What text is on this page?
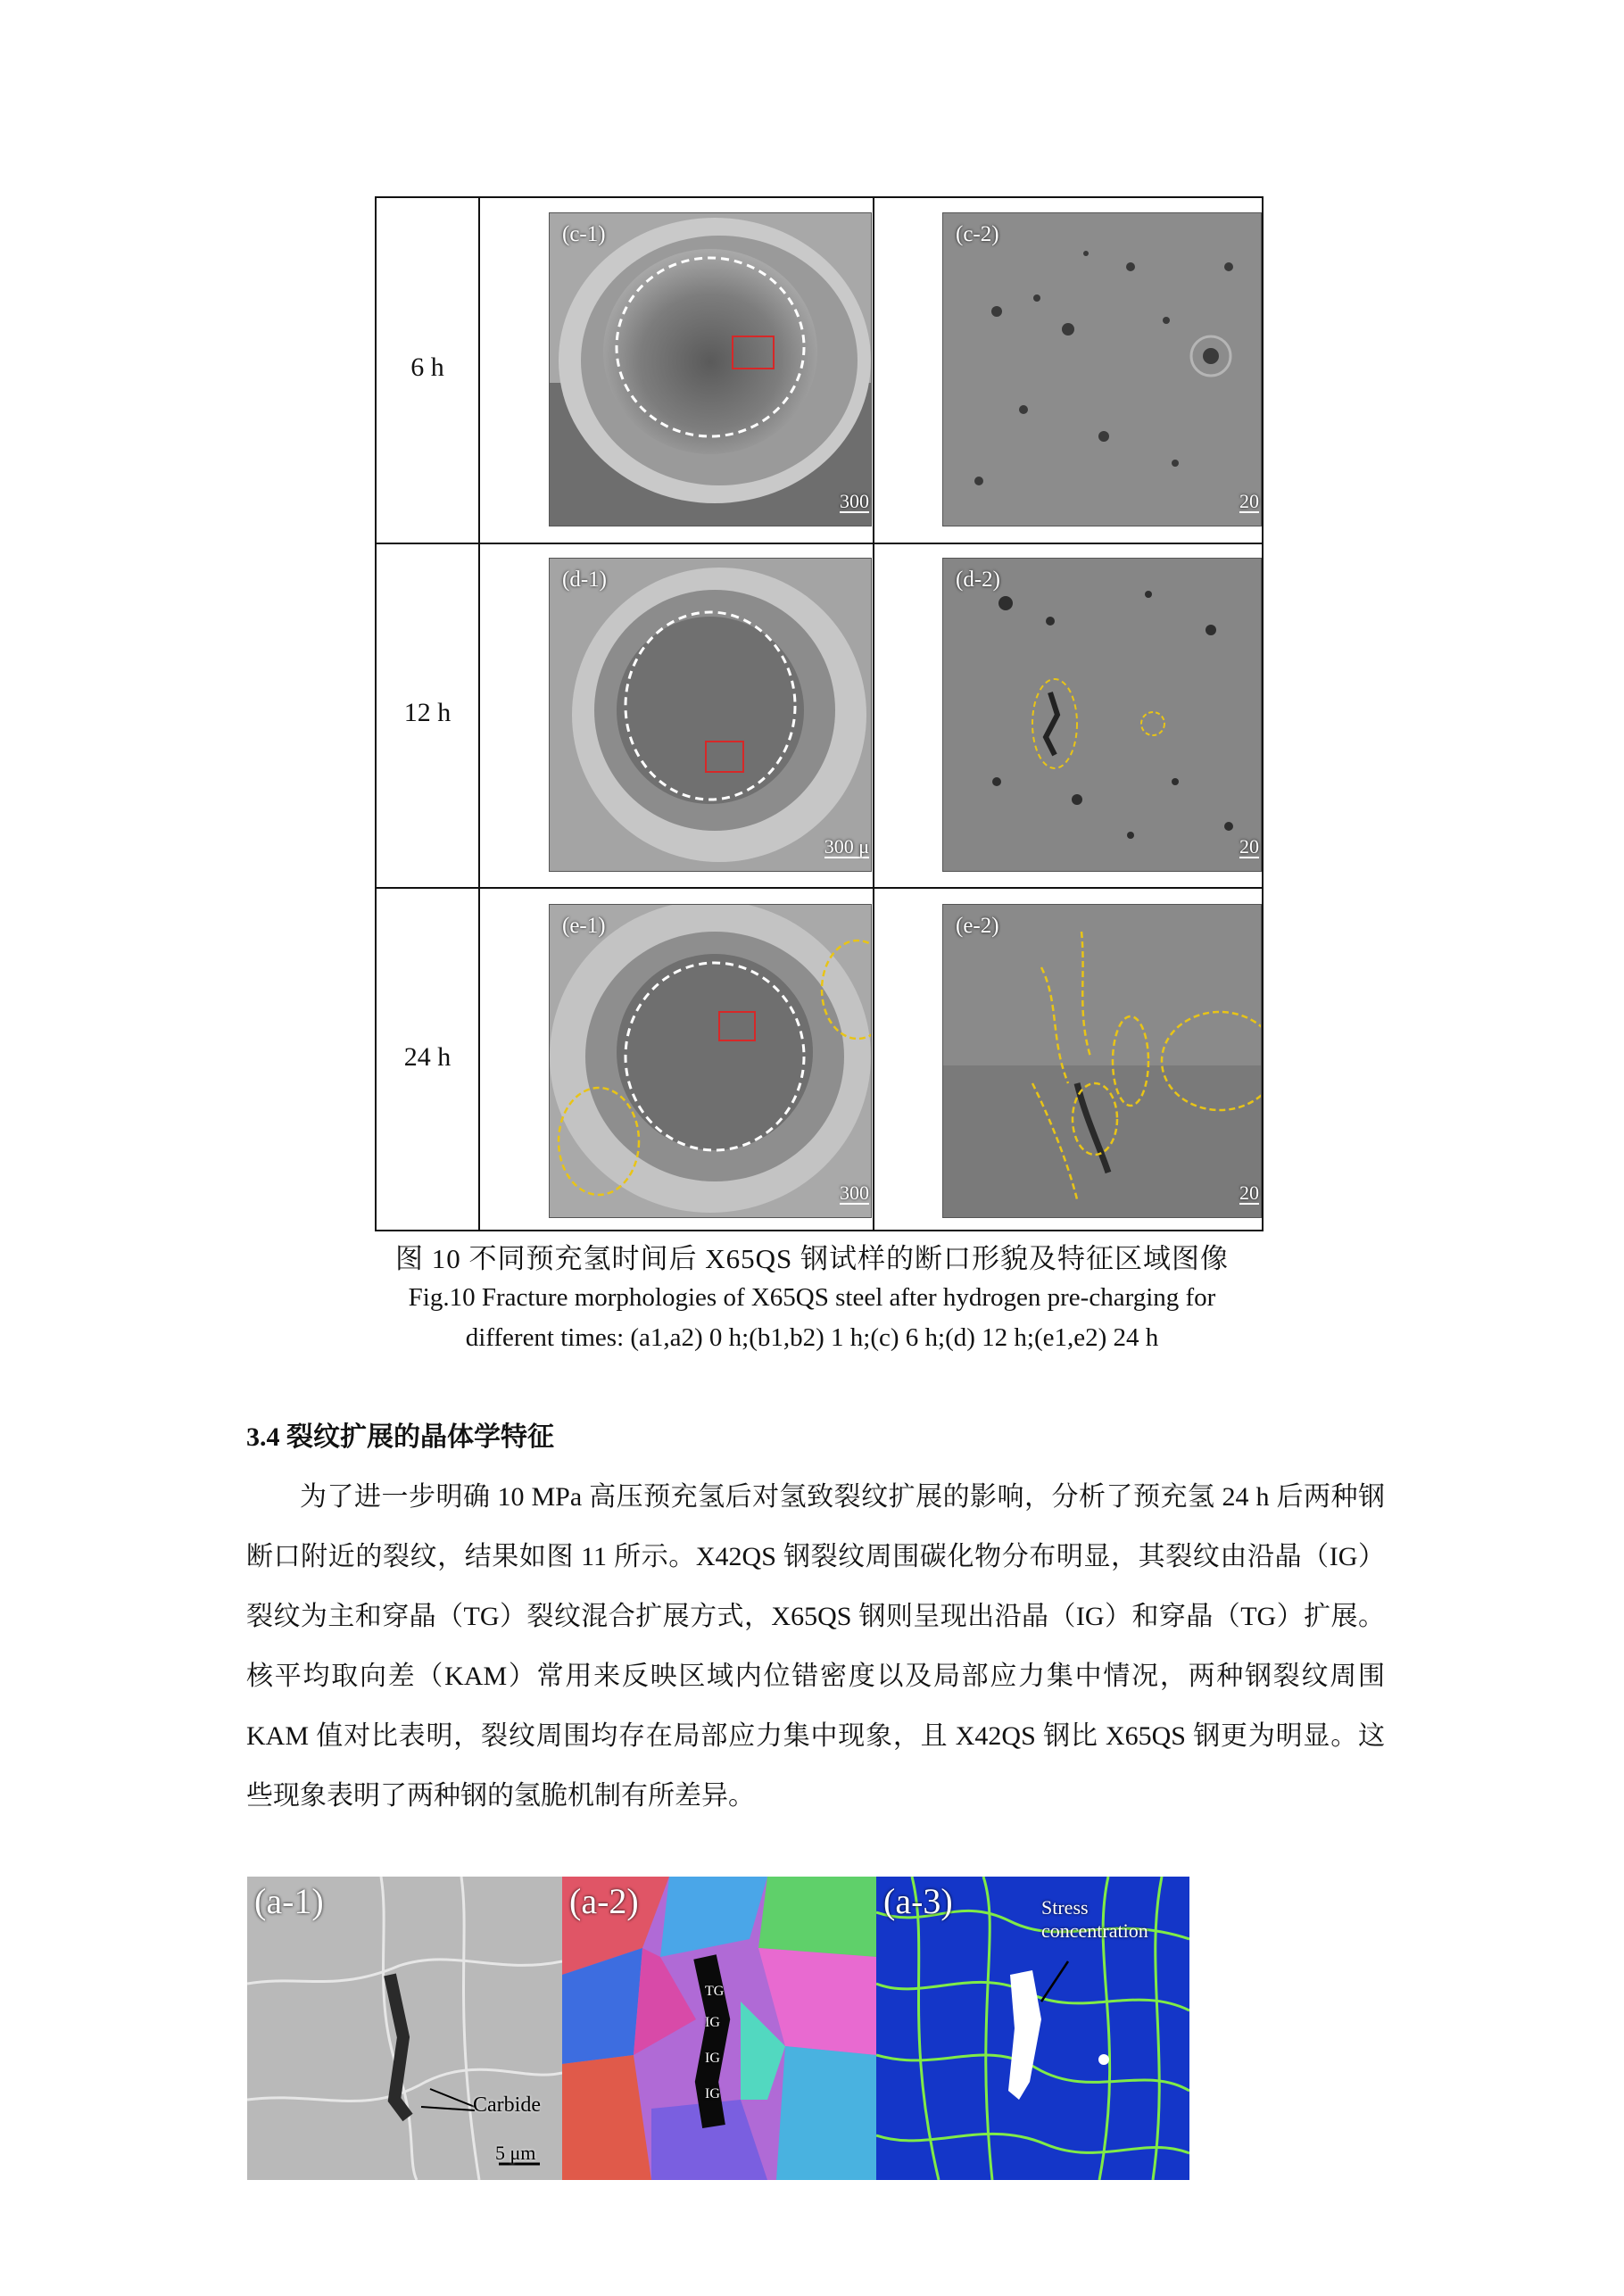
6 h
12 h
24 h
(c-1)
300
(c-2)
20
(d-1)
300 μ
(d-2)
20
(e-1)
300
(e-2)
20
图 10 不同预充氢时间后 X65QS 钢试样的断口形貌及特征区域图像
Fig.10 Fracture morphologies of X65QS steel after hydrogen pre-charging for
different times: (a1,a2) 0 h;(b1,b2) 1 h;(c) 6 h;(d) 12 h;(e1,e2) 24 h
3.4 裂纹扩展的晶体学特征
为了进一步明确 10 MPa 高压预充氢后对氢致裂纹扩展的影响，分析了预充氢 24 h 后两种钢断口附近的裂纹，结果如图 11 所示。X42QS 钢裂纹周围碳化物分布明显，其裂纹由沿晶（IG）裂纹为主和穿晶（TG）裂纹混合扩展方式，X65QS 钢则呈现出沿晶（IG）和穿晶（TG）扩展。核平均取向差（KAM）常用来反映区域内位错密度以及局部应力集中情况，两种钢裂纹周围 KAM 值对比表明，裂纹周围均存在局部应力集中现象，且 X42QS 钢比 X65QS 钢更为明显。这些现象表明了两种钢的氢脆机制有所差异。
(a-1)
Carbide
5 μm
(a-2)
TG
IG
IG
IG
(a-3)	Stress
concentration
